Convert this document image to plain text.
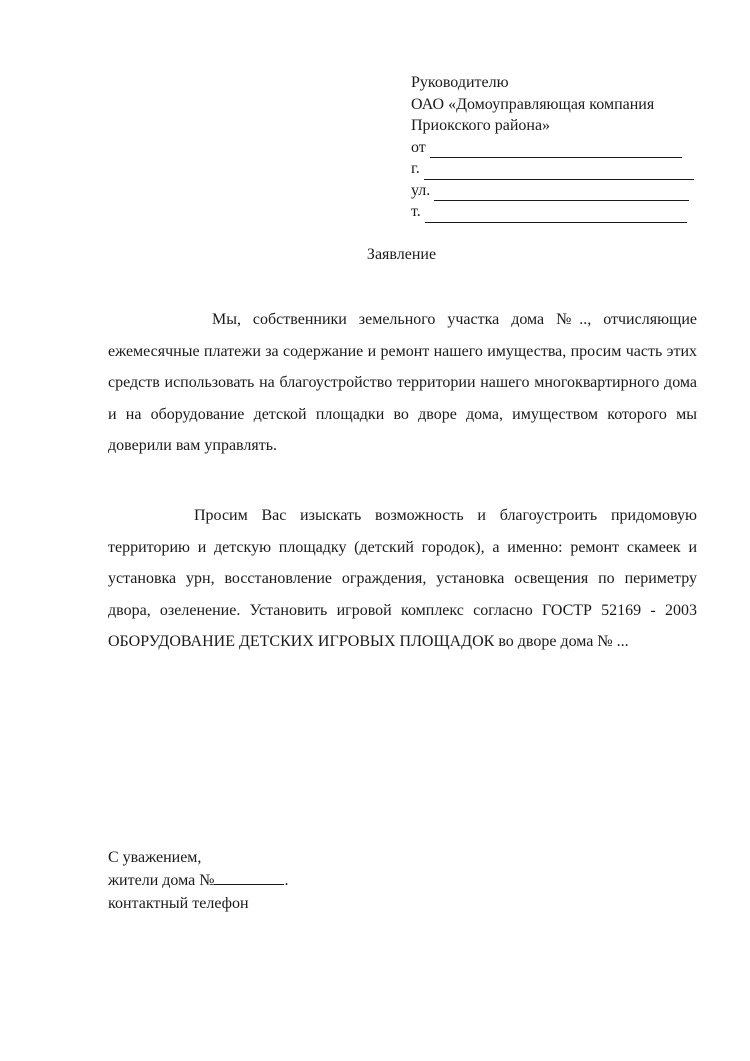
Руководителю
ОАО «Домоуправляющая компания
Приокского района»
от
г.
ул.
т.
Заявление

Мы, собственники земельного участка дома №.., отчисляющие ежемесячные платежи за содержание и ремонт нашего имущества, просим часть этих средств использовать на благоустройство территории нашего многоквартирного дома и на оборудование детской площадки во дворе дома, имуществом которого мы доверили вам управлять.

Просим Вас изыскать возможность и благоустроить придомовую территорию и детскую площадку (детский городок), а именно: ремонт скамеек и установка урн, восстановление ограждения, установка освещения по периметру двора, озеленение. Установить игровой комплекс согласно ГОСТР 52169 - 2003 ОБОРУДОВАНИЕ ДЕТСКИХ ИГРОВЫХ ПЛОЩАДОК во дворе дома № ...

С уважением,
жители дома №	.
контактный телефон
